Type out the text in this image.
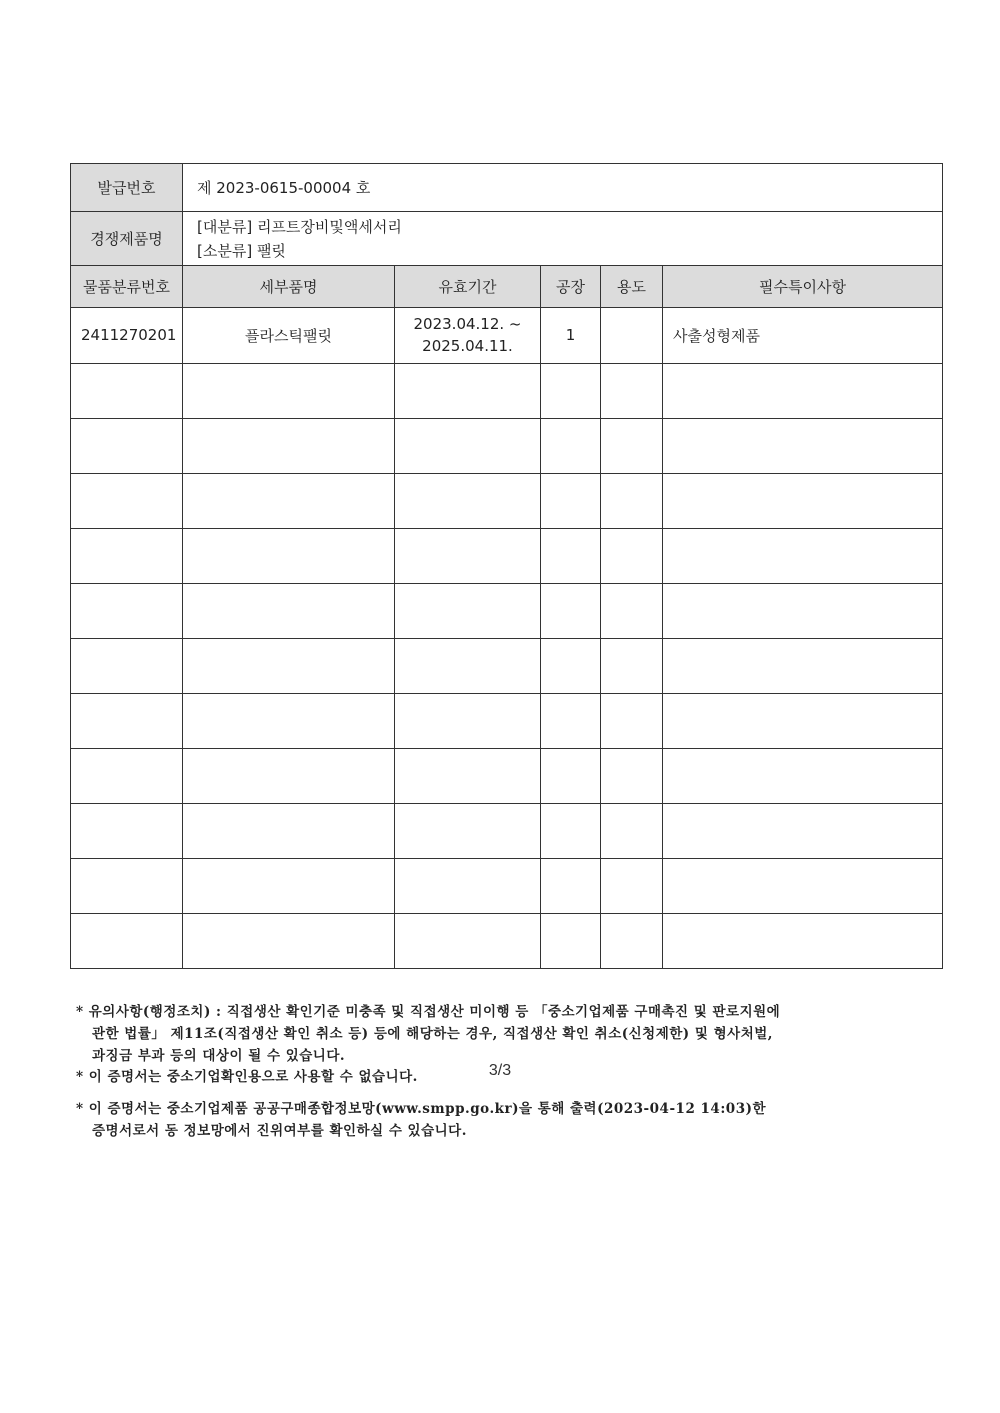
발급번호	제 2023-0615-00004 호
경쟁제품명	[대분류] 리프트장비및액세서리
[소분류] 팰릿
물품분류번호	세부품명	유효기간	공장	용도	필수특이사항
2411270201	플라스틱팰릿	2023.04.12. ~
2025.04.11.	1		사출성형제품

* 유의사항(행정조치) : 직접생산 확인기준 미충족 및 직접생산 미이행 등 「중소기업제품 구매촉진 및 판로지원에
관한 법률」 제11조(직접생산 확인 취소 등) 등에 해당하는 경우, 직접생산 확인 취소(신청제한) 및 형사처벌,
과징금 부과 등의 대상이 될 수 있습니다.
* 이 증명서는 중소기업확인용으로 사용할 수 없습니다.
* 이 증명서는 중소기업제품 공공구매종합정보망(www.smpp.go.kr)을 통해 출력(2023-04-12 14:03)한
증명서로서 동 정보망에서 진위여부를 확인하실 수 있습니다.
3/3
